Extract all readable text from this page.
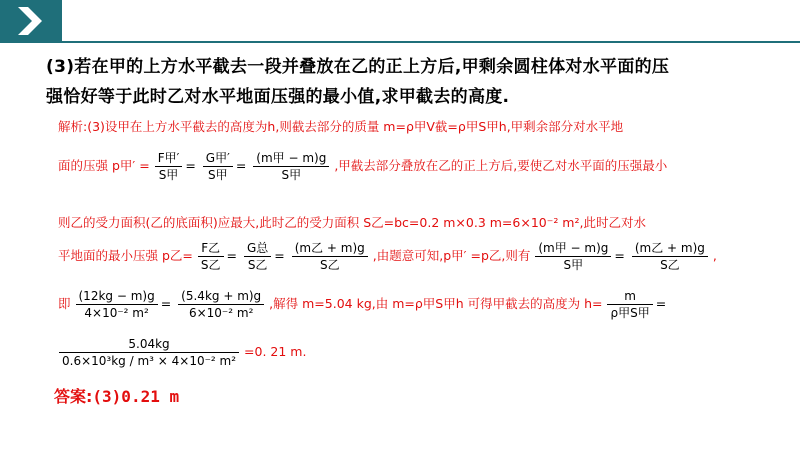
(3)若在甲的上方水平截去一段并叠放在乙的正上方后,甲剩余圆柱体对水平面的压
强恰好等于此时乙对水平地面压强的最小值,求甲截去的高度.
解析:(3)设甲在上方水平截去的高度为h,则截去部分的质量 m=ρ甲V截=ρ甲S甲h,甲剩余部分对水平地
面的压强 p甲′ = $\frac{\text{F甲′}}{\text{S甲}} = \frac{\text{G甲′}}{\text{S甲}} = \frac{\text{(m甲 − m)g}}{\text{S甲}}$ ,甲截去部分叠放在乙的正上方后,要使乙对水平面的压强最小
则乙的受力面积(乙的底面积)应最大,此时乙的受力面积 S乙=bc=0.2 m×0.3 m=6×10⁻² m²,此时乙对水
平地面的最小压强 p乙= $\frac{\text{F乙}}{\text{S乙}} = \frac{\text{G总}}{\text{S乙}} = \frac{\text{(m乙 + m)g}}{\text{S乙}}$ ,由题意可知,p甲′ =p乙,则有 $\frac{\text{(m甲 − m)g}}{\text{S甲}} = \frac{\text{(m乙 + m)g}}{\text{S乙}}$ ,
即 $\frac{(12kg - m)g}{\text{4×10⁻² m²}} = \frac{(5.4kg + m)g}{\text{6×10⁻² m²}}$ ,解得 m=5.04 kg,由 m=ρ甲S甲h 可得甲截去的高度为 $h= \frac{m}{\text{ρ甲S甲}}$ =
$\frac{5.04kg}{\text{0.6×10³kg / m³ × 4×10⁻² m²}} =0$. 21 m.
答案:(3)0.21 m
